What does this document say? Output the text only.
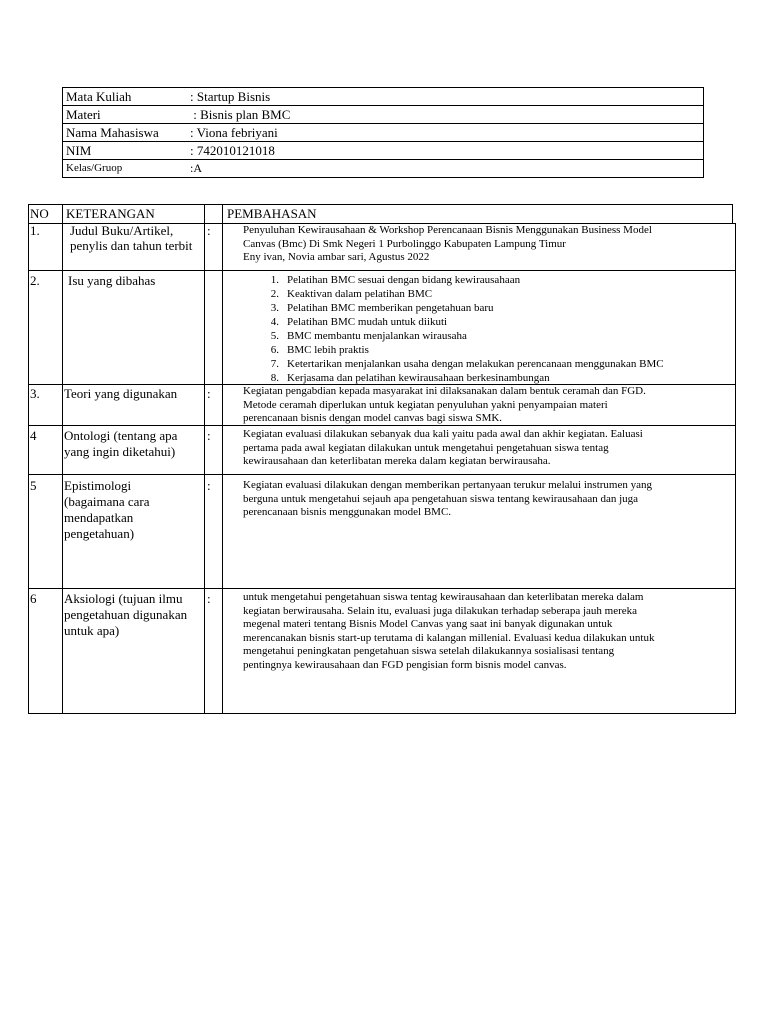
Mata Kuliah	: Startup Bisnis
Materi	: Bisnis plan BMC
Nama Mahasiswa : Viona febriyani
NIM	: 742010121018
Kelas/Gruop	:A
NO KETERANGAN	PEMBAHASAN
1. Judul Buku/Artikel,
penylis dan tahun terbit
:	Penyuluhan Kewirausahaan & Workshop Perencanaan Bisnis Menggunakan Business Model
Canvas (Bmc) Di Smk Negeri 1 Purbolinggo Kabupaten Lampung Timur
Eny ivan, Novia ambar sari, Agustus 2022
2. Isu yang dibahas	1. Pelatihan BMC sesuai dengan bidang kewirausahaan
2. Keaktivan dalam pelatihan BMC
3. Pelatihan BMC memberikan pengetahuan baru
4. Pelatihan BMC mudah untuk diikuti
5. BMC membantu menjalankan wirausaha
6. BMC lebih praktis
7. Ketertarikan menjalankan usaha dengan melakukan perencanaan menggunakan BMC
8. Kerjasama dan pelatihan kewirausahaan berkesinambungan
3. Teori yang digunakan :	Kegiatan pengabdian kepada masyarakat ini dilaksanakan dalam bentuk ceramah dan FGD.
Metode ceramah diperlukan untuk kegiatan penyuluhan yakni penyampaian materi
perencanaan bisnis dengan model canvas bagi siswa SMK.
4 Ontologi (tentang apa
yang ingin diketahui)
:	Kegiatan evaluasi dilakukan sebanyak dua kali yaitu pada awal dan akhir kegiatan. Ealuasi
pertama pada awal kegiatan dilakukan untuk mengetahui pengetahuan siswa tentag
kewirausahaan dan keterlibatan mereka dalam kegiatan berwirausaha.
5 Epistimologi
(bagaimana cara
mendapatkan
pengetahuan)
:	Kegiatan evaluasi dilakukan dengan memberikan pertanyaan terukur melalui instrumen yang
berguna untuk mengetahui sejauh apa pengetahuan siswa tentang kewirausahaan dan juga
perencanaan bisnis menggunakan model BMC.
6 Aksiologi (tujuan ilmu
pengetahuan digunakan
untuk apa)
:	untuk mengetahui pengetahuan siswa tentag kewirausahaan dan keterlibatan mereka dalam
kegiatan berwirausaha. Selain itu, evaluasi juga dilakukan terhadap seberapa jauh mereka
megenal materi tentang Bisnis Model Canvas yang saat ini banyak digunakan untuk
merencanakan bisnis start-up terutama di kalangan millenial. Evaluasi kedua dilakukan untuk
mengetahui peningkatan pengetahuan siswa setelah dilakukannya sosialisasi tentang
pentingnya kewirausahaan dan FGD pengisian form bisnis model canvas.
